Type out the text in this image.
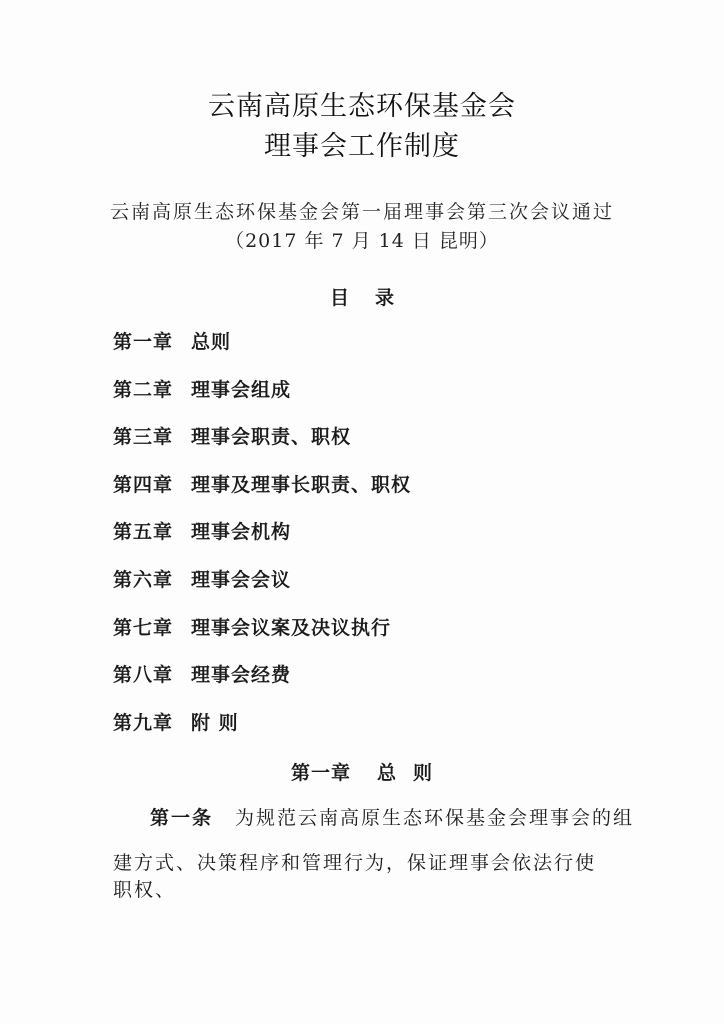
云南高原生态环保基金会
理事会工作制度
云南高原生态环保基金会第一届理事会第三次会议通过
（2017 年 7 月 14 日 昆明）
目录
第一章 总则
第二章 理事会组成
第三章 理事会职责、职权
第四章 理事及理事长职责、职权
第五章 理事会机构
第六章 理事会会议
第七章 理事会议案及决议执行
第八章 理事会经费
第九章 附 则
第一章 总 则
第一条 为规范云南高原生态环保基金会理事会的组
建方式、决策程序和管理行为，保证理事会依法行使职权、
